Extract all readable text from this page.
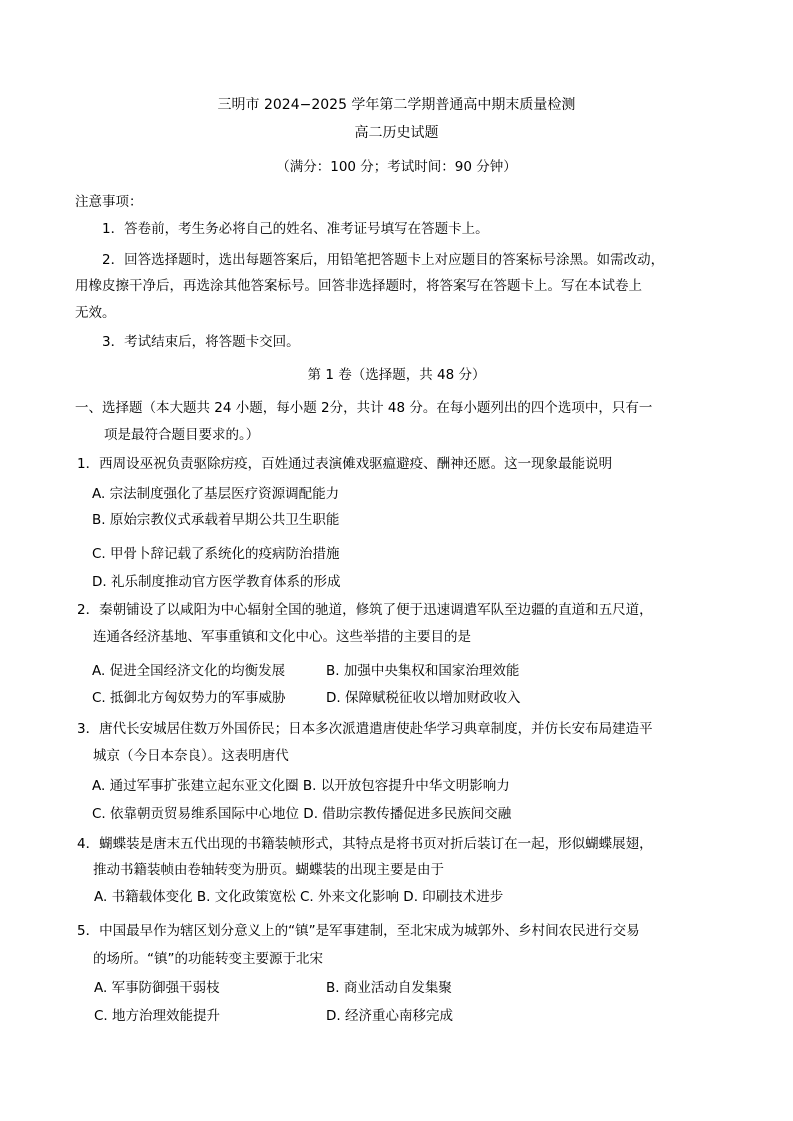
三明市 2024−2025 学年第二学期普通高中期末质量检测
高二历史试题
（满分：100 分；考试时间：90 分钟）
注意事项：
1．答卷前，考生务必将自己的姓名、准考证号填写在答题卡上。
2．回答选择题时，选出每题答案后，用铅笔把答题卡上对应题目的答案标号涂黑。如需改动，
用橡皮擦干净后，再选涂其他答案标号。回答非选择题时，将答案写在答题卡上。写在本试卷上
无效。
3．考试结束后，将答题卡交回。
第 1 卷（选择题，共 48 分）
一、选择题（本大题共 24 小题，每小题 2分，共计 48 分。在每小题列出的四个选项中，只有一
项是最符合题目要求的。）
1．西周设巫祝负责驱除疠疫，百姓通过表演傩戏驱瘟避疫、酬神还愿。这一现象最能说明
A. 宗法制度强化了基层医疗资源调配能力
B. 原始宗教仪式承载着早期公共卫生职能
C. 甲骨卜辞记载了系统化的疫病防治措施
D. 礼乐制度推动官方医学教育体系的形成
2．秦朝铺设了以咸阳为中心辐射全国的驰道，修筑了便于迅速调遣军队至边疆的直道和五尺道，
连通各经济基地、军事重镇和文化中心。这些举措的主要目的是
A. 促进全国经济文化的均衡发展	B. 加强中央集权和国家治理效能
C. 抵御北方匈奴势力的军事威胁	D. 保障赋税征收以增加财政收入
3．唐代长安城居住数万外国侨民；日本多次派遣遣唐使赴华学习典章制度，并仿长安布局建造平
城京（今日本奈良）。这表明唐代
A. 通过军事扩张建立起东亚文化圈 B. 以开放包容提升中华文明影响力
C. 依靠朝贡贸易维系国际中心地位 D. 借助宗教传播促进多民族间交融
4．蝴蝶装是唐末五代出现的书籍装帧形式，其特点是将书页对折后装订在一起，形似蝴蝶展翅，
推动书籍装帧由卷轴转变为册页。蝴蝶装的出现主要是由于
A. 书籍载体变化 B. 文化政策宽松 C. 外来文化影响 D. 印刷技术进步
5．中国最早作为辖区划分意义上的“镇”是军事建制，至北宋成为城郭外、乡村间农民进行交易
的场所。“镇”的功能转变主要源于北宋
A. 军事防御强干弱枝	B. 商业活动自发集聚
C. 地方治理效能提升	D. 经济重心南移完成
